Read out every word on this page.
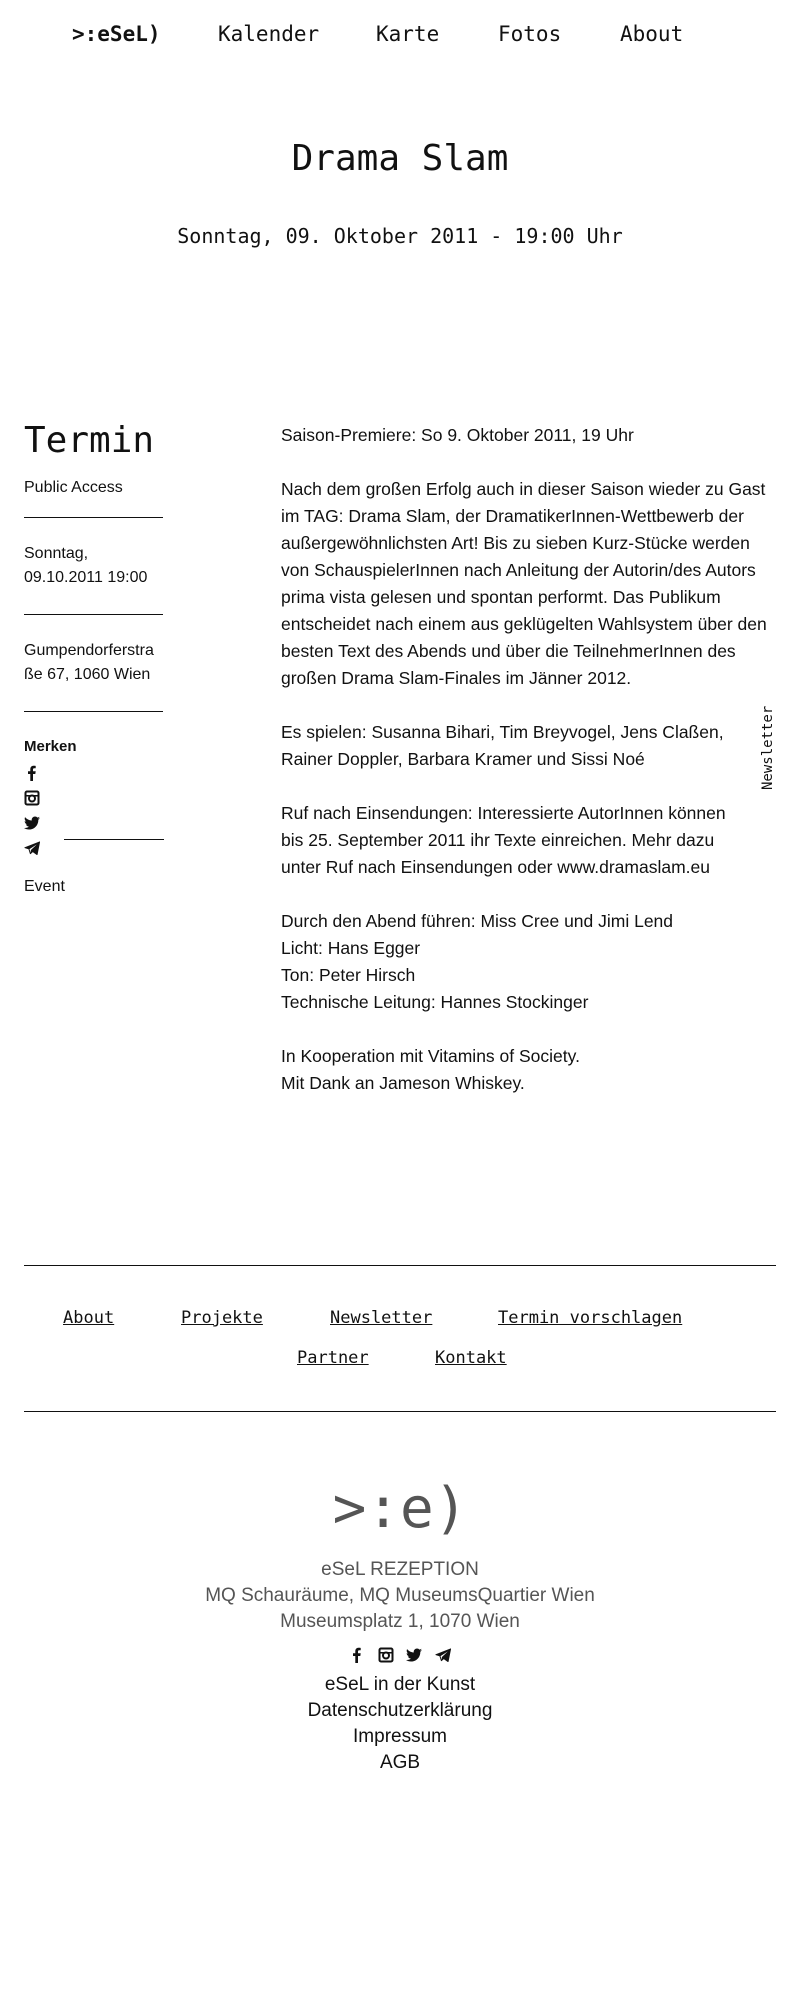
>:eSeL)	Kalender	Karte	Fotos	About
Drama Slam
Sonntag, 09. Oktober 2011 - 19:00 Uhr
Termin
Public Access
Sonntag,
09.10.2011 19:00
Gumpendorferstra
ße 67, 1060 Wien
Merken
Event

Saison-Premiere: So 9. Oktober 2011, 19 Uhr

Nach dem großen Erfolg auch in dieser Saison wieder zu Gast im TAG: Drama Slam, der DramatikerInnen-Wettbewerb der außergewöhnlichsten Art! Bis zu sieben Kurz-Stücke werden von SchauspielerInnen nach Anleitung der Autorin/des Autors prima vista gelesen und spontan performt. Das Publikum entscheidet nach einem aus geklügelten Wahlsystem über den besten Text des Abends und über die TeilnehmerInnen des großen Drama Slam-Finales im Jänner 2012.

Es spielen: Susanna Bihari, Tim Breyvogel, Jens Claßen, Rainer Doppler, Barbara Kramer und Sissi Noé

Ruf nach Einsendungen: Interessierte AutorInnen können
bis 25. September 2011 ihr Texte einreichen. Mehr dazu
unter Ruf nach Einsendungen oder www.dramaslam.eu

Durch den Abend führen: Miss Cree und Jimi Lend
Licht: Hans Egger
Ton: Peter Hirsch
Technische Leitung: Hannes Stockinger

In Kooperation mit Vitamins of Society.
Mit Dank an Jameson Whiskey.

Newsletter
About	Projekte	Newsletter	Termin vorschlagen
Partner	Kontakt
>:e)
eSeL REZEPTION
MQ Schauräume, MQ MuseumsQuartier Wien
Museumsplatz 1, 1070 Wien

eSeL in der Kunst
Datenschutzerklärung
Impressum
AGB
